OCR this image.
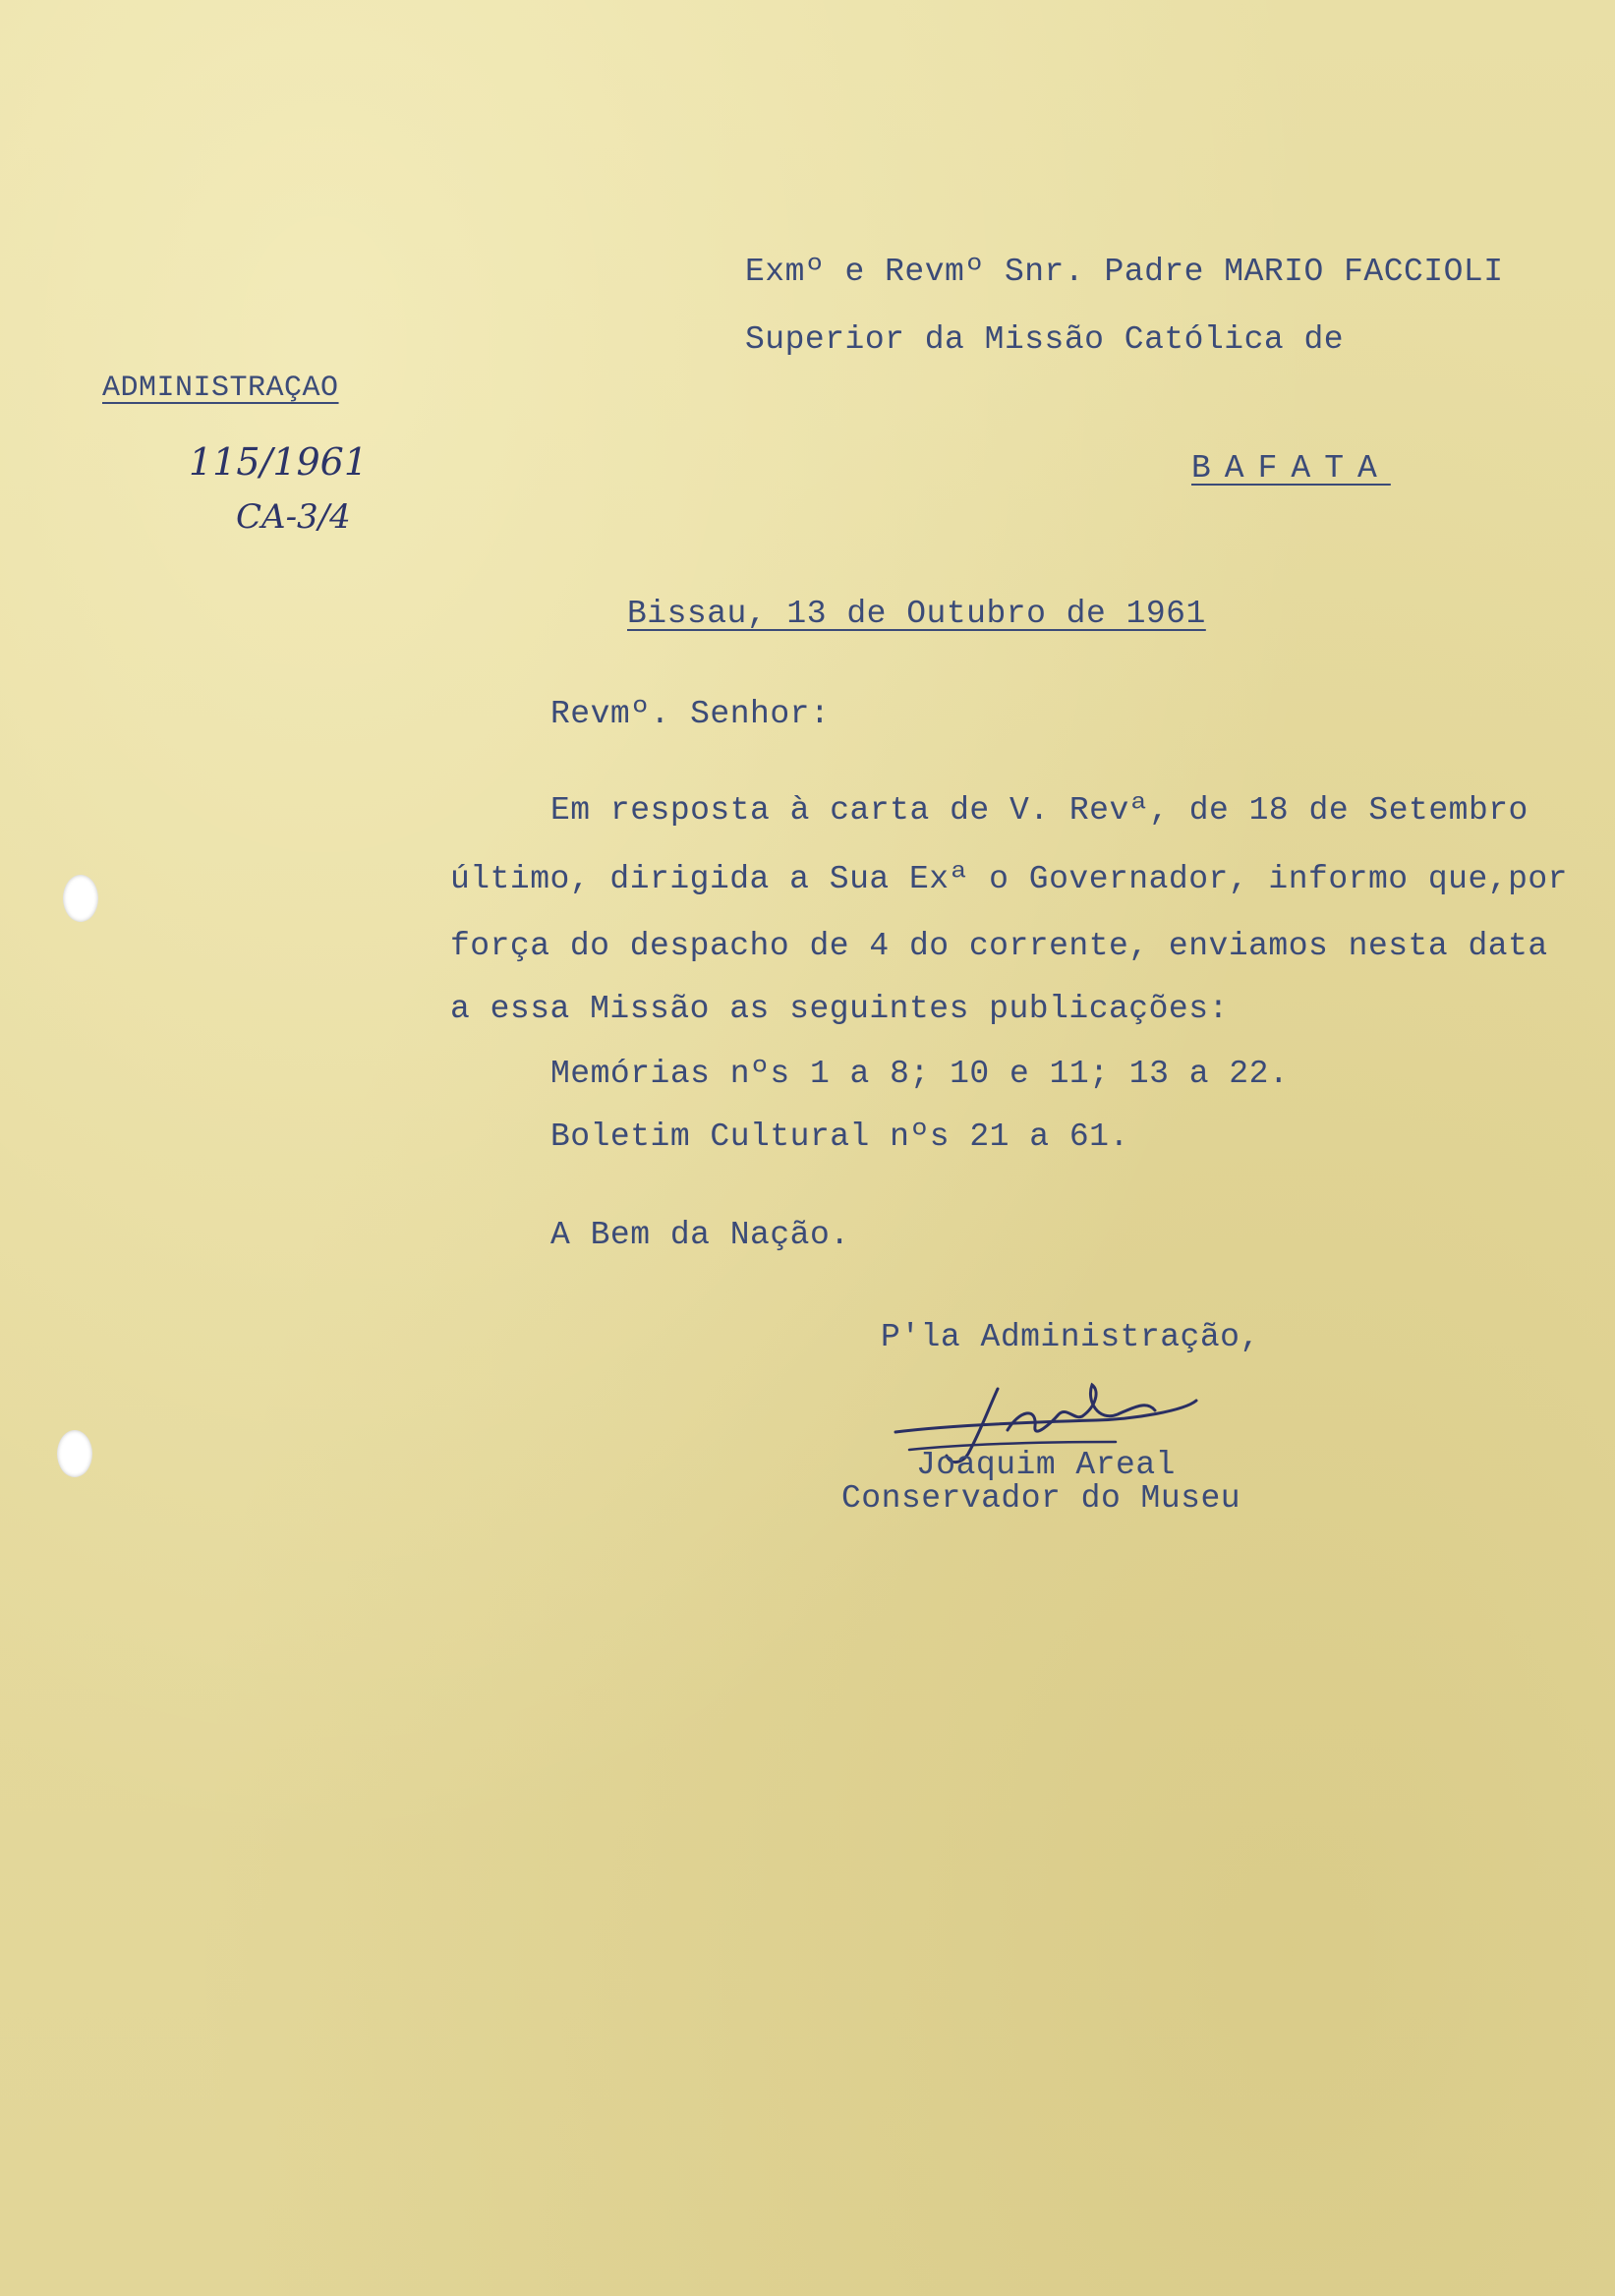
Exmº e Revmº Snr. Padre MARIO FACCIOLI
Superior da Missão Católica de
BAFATA
ADMINISTRAÇAO
115/1961
CA-3/4
Bissau, 13 de Outubro de 1961
Revmº. Senhor:
Em resposta à carta de V. Revª, de 18 de Setembro
último, dirigida a Sua Exª o Governador, informo que,por
força do despacho de 4 do corrente, enviamos nesta data
a essa Missão as seguintes publicações:
Memórias nºs 1 a 8; 10 e 11; 13 a 22.
Boletim Cultural nºs 21 a 61.
A Bem da Nação.
P'la Administração,
Joaquim Areal
Conservador do Museu
